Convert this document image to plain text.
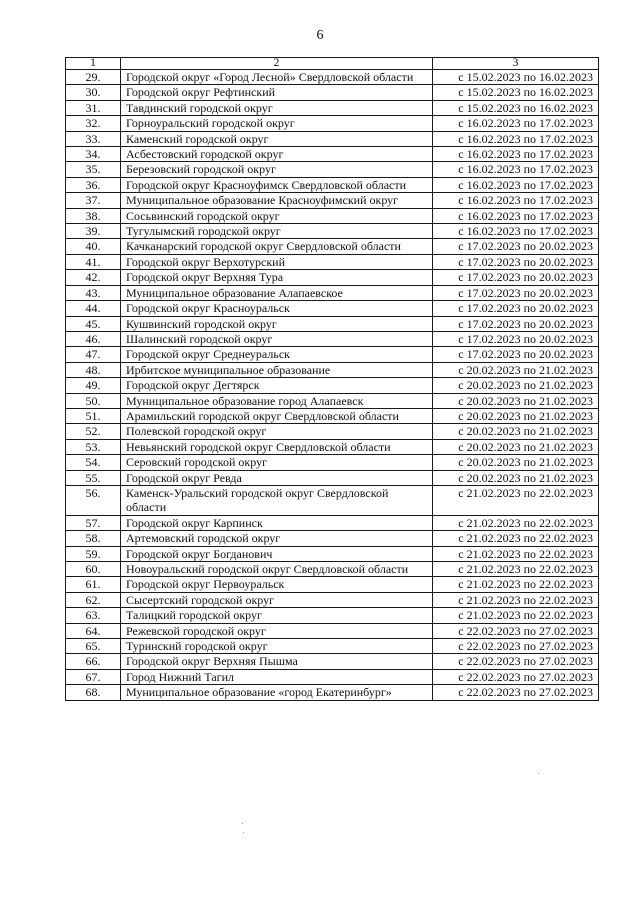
6
1	2	3
29.	Городской округ «Город Лесной» Свердловской области	с 15.02.2023 по 16.02.2023
30.	Городской округ Рефтинский	с 15.02.2023 по 16.02.2023
31.	Тавдинский городской округ	с 15.02.2023 по 16.02.2023
32.	Горноуральский городской округ	с 16.02.2023 по 17.02.2023
33.	Каменский городской округ	с 16.02.2023 по 17.02.2023
34.	Асбестовский городской округ	с 16.02.2023 по 17.02.2023
35.	Березовский городской округ	с 16.02.2023 по 17.02.2023
36.	Городской округ Красноуфимск Свердловской области	с 16.02.2023 по 17.02.2023
37.	Муниципальное образование Красноуфимский округ	с 16.02.2023 по 17.02.2023
38.	Сосьвинский городской округ	с 16.02.2023 по 17.02.2023
39.	Тугулымский городской округ	с 16.02.2023 по 17.02.2023
40.	Качканарский городской округ Свердловской области	с 17.02.2023 по 20.02.2023
41.	Городской округ Верхотурский	с 17.02.2023 по 20.02.2023
42.	Городской округ Верхняя Тура	с 17.02.2023 по 20.02.2023
43.	Муниципальное образование Алапаевское	с 17.02.2023 по 20.02.2023
44.	Городской округ Красноуральск	с 17.02.2023 по 20.02.2023
45.	Кушвинский городской округ	с 17.02.2023 по 20.02.2023
46.	Шалинский городской округ	с 17.02.2023 по 20.02.2023
47.	Городской округ Среднеуральск	с 17.02.2023 по 20.02.2023
48.	Ирбитское муниципальное образование	с 20.02.2023 по 21.02.2023
49.	Городской округ Дегтярск	с 20.02.2023 по 21.02.2023
50.	Муниципальное образование город Алапаевск	с 20.02.2023 по 21.02.2023
51.	Арамильский городской округ Свердловской области	с 20.02.2023 по 21.02.2023
52.	Полевской городской округ	с 20.02.2023 по 21.02.2023
53.	Невьянский городской округ Свердловской области	с 20.02.2023 по 21.02.2023
54.	Серовский городской округ	с 20.02.2023 по 21.02.2023
55.	Городской округ Ревда	с 20.02.2023 по 21.02.2023
56.	Каменск-Уральский городской округ Свердловской области	с 21.02.2023 по 22.02.2023
57.	Городской округ Карпинск	с 21.02.2023 по 22.02.2023
58.	Артемовский городской округ	с 21.02.2023 по 22.02.2023
59.	Городской округ Богданович	с 21.02.2023 по 22.02.2023
60.	Новоуральский городской округ Свердловской области	с 21.02.2023 по 22.02.2023
61.	Городской округ Первоуральск	с 21.02.2023 по 22.02.2023
62.	Сысертский городской округ	с 21.02.2023 по 22.02.2023
63.	Талицкий городской округ	с 21.02.2023 по 22.02.2023
64.	Режевской городской округ	с 22.02.2023 по 27.02.2023
65.	Туринский городской округ	с 22.02.2023 по 27.02.2023
66.	Городской округ Верхняя Пышма	с 22.02.2023 по 27.02.2023
67.	Город Нижний Тагил	с 22.02.2023 по 27.02.2023
68.	Муниципальное образование «город Екатеринбург»	с 22.02.2023 по 27.02.2023
